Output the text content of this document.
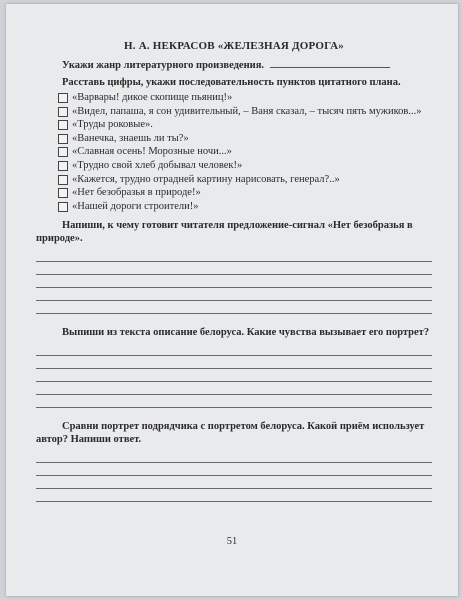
Н. А. НЕКРАСОВ «ЖЕЛЕЗНАЯ ДОРОГА»

Укажи жанр литературного произведения.

Расставь цифры, укажи последовательность пунктов цитатного плана.

«Варвары! дикое скопище пьяниц!»
«Видел, папаша, я сон удивительный, – Ваня сказал, – тысяч пять мужиков...»
«Труды роковые».
«Ванечка, знаешь ли ты?»
«Славная осень! Морозные ночи...»
«Трудно свой хлеб добывал человек!»
«Кажется, трудно отрадней картину нарисовать, генерал?..»
«Нет безобразья в природе!»
«Нашей дороги строители!»

Напиши, к чему готовит читателя предложение-сигнал «Нет безобразья в природе».

Выпиши из текста описание белоруса. Какие чувства вызывает его портрет?

Сравни портрет подрядчика с портретом белоруса. Какой приём использует автор? Напиши ответ.

51
